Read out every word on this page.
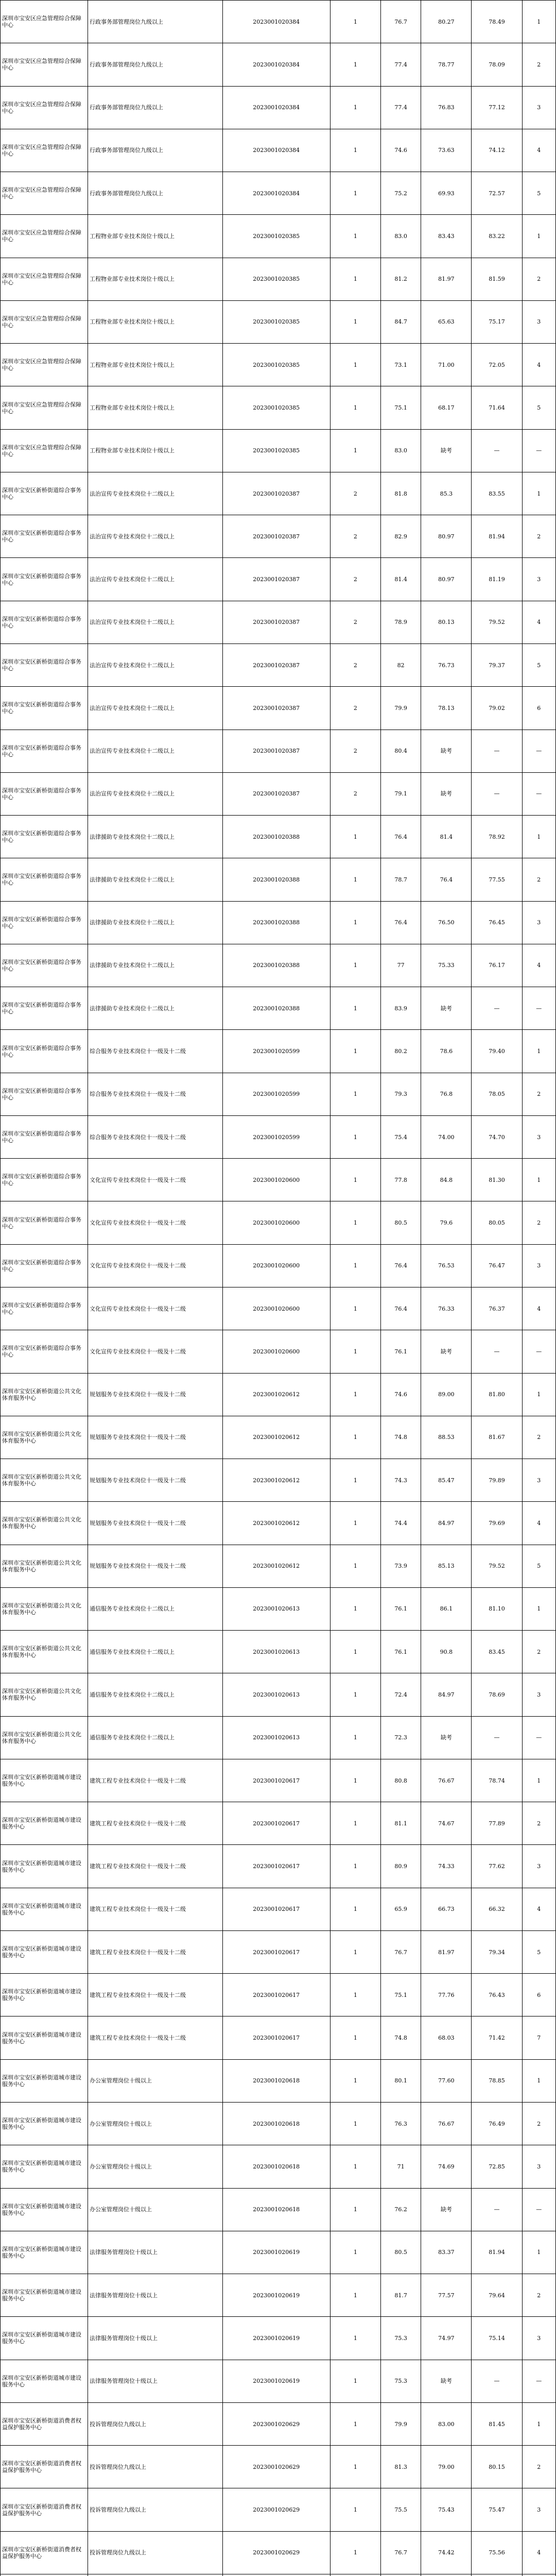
深圳市宝安区应急管理综合保障中心	行政事务部管理岗位九级以上	2023001020384	1	76.7	80.27	78.49	1
深圳市宝安区应急管理综合保障中心	行政事务部管理岗位九级以上	2023001020384	1	77.4	78.77	78.09	2
深圳市宝安区应急管理综合保障中心	行政事务部管理岗位九级以上	2023001020384	1	77.4	76.83	77.12	3
深圳市宝安区应急管理综合保障中心	行政事务部管理岗位九级以上	2023001020384	1	74.6	73.63	74.12	4
深圳市宝安区应急管理综合保障中心	行政事务部管理岗位九级以上	2023001020384	1	75.2	69.93	72.57	5
深圳市宝安区应急管理综合保障中心	工程物业部专业技术岗位十级以上	2023001020385	1	83.0	83.43	83.22	1
深圳市宝安区应急管理综合保障中心	工程物业部专业技术岗位十级以上	2023001020385	1	81.2	81.97	81.59	2
深圳市宝安区应急管理综合保障中心	工程物业部专业技术岗位十级以上	2023001020385	1	84.7	65.63	75.17	3
深圳市宝安区应急管理综合保障中心	工程物业部专业技术岗位十级以上	2023001020385	1	73.1	71.00	72.05	4
深圳市宝安区应急管理综合保障中心	工程物业部专业技术岗位十级以上	2023001020385	1	75.1	68.17	71.64	5
深圳市宝安区应急管理综合保障中心	工程物业部专业技术岗位十级以上	2023001020385	1	83.0	缺考	—	—
深圳市宝安区新桥街道综合事务中心	法治宣传专业技术岗位十二级以上	2023001020387	2	81.8	85.3	83.55	1
深圳市宝安区新桥街道综合事务中心	法治宣传专业技术岗位十二级以上	2023001020387	2	82.9	80.97	81.94	2
深圳市宝安区新桥街道综合事务中心	法治宣传专业技术岗位十二级以上	2023001020387	2	81.4	80.97	81.19	3
深圳市宝安区新桥街道综合事务中心	法治宣传专业技术岗位十二级以上	2023001020387	2	78.9	80.13	79.52	4
深圳市宝安区新桥街道综合事务中心	法治宣传专业技术岗位十二级以上	2023001020387	2	82	76.73	79.37	5
深圳市宝安区新桥街道综合事务中心	法治宣传专业技术岗位十二级以上	2023001020387	2	79.9	78.13	79.02	6
深圳市宝安区新桥街道综合事务中心	法治宣传专业技术岗位十二级以上	2023001020387	2	80.4	缺考	—	—
深圳市宝安区新桥街道综合事务中心	法治宣传专业技术岗位十二级以上	2023001020387	2	79.1	缺考	—	—
深圳市宝安区新桥街道综合事务中心	法律援助专业技术岗位十二级以上	2023001020388	1	76.4	81.4	78.92	1
深圳市宝安区新桥街道综合事务中心	法律援助专业技术岗位十二级以上	2023001020388	1	78.7	76.4	77.55	2
深圳市宝安区新桥街道综合事务中心	法律援助专业技术岗位十二级以上	2023001020388	1	76.4	76.50	76.45	3
深圳市宝安区新桥街道综合事务中心	法律援助专业技术岗位十二级以上	2023001020388	1	77	75.33	76.17	4
深圳市宝安区新桥街道综合事务中心	法律援助专业技术岗位十二级以上	2023001020388	1	83.9	缺考	—	—
深圳市宝安区新桥街道综合事务中心	综合服务专业技术岗位十一级及十二级	2023001020599	1	80.2	78.6	79.40	1
深圳市宝安区新桥街道综合事务中心	综合服务专业技术岗位十一级及十二级	2023001020599	1	79.3	76.8	78.05	2
深圳市宝安区新桥街道综合事务中心	综合服务专业技术岗位十一级及十二级	2023001020599	1	75.4	74.00	74.70	3
深圳市宝安区新桥街道综合事务中心	文化宣传专业技术岗位十一级及十二级	2023001020600	1	77.8	84.8	81.30	1
深圳市宝安区新桥街道综合事务中心	文化宣传专业技术岗位十一级及十二级	2023001020600	1	80.5	79.6	80.05	2
深圳市宝安区新桥街道综合事务中心	文化宣传专业技术岗位十一级及十二级	2023001020600	1	76.4	76.53	76.47	3
深圳市宝安区新桥街道综合事务中心	文化宣传专业技术岗位十一级及十二级	2023001020600	1	76.4	76.33	76.37	4
深圳市宝安区新桥街道综合事务中心	文化宣传专业技术岗位十一级及十二级	2023001020600	1	76.1	缺考	—	—
深圳市宝安区新桥街道公共文化体育服务中心	规划服务专业技术岗位十一级及十二级	2023001020612	1	74.6	89.00	81.80	1
深圳市宝安区新桥街道公共文化体育服务中心	规划服务专业技术岗位十一级及十二级	2023001020612	1	74.8	88.53	81.67	2
深圳市宝安区新桥街道公共文化体育服务中心	规划服务专业技术岗位十一级及十二级	2023001020612	1	74.3	85.47	79.89	3
深圳市宝安区新桥街道公共文化体育服务中心	规划服务专业技术岗位十一级及十二级	2023001020612	1	74.4	84.97	79.69	4
深圳市宝安区新桥街道公共文化体育服务中心	规划服务专业技术岗位十一级及十二级	2023001020612	1	73.9	85.13	79.52	5
深圳市宝安区新桥街道公共文化体育服务中心	通信服务专业技术岗位十二级以上	2023001020613	1	76.1	86.1	81.10	1
深圳市宝安区新桥街道公共文化体育服务中心	通信服务专业技术岗位十二级以上	2023001020613	1	76.1	90.8	83.45	2
深圳市宝安区新桥街道公共文化体育服务中心	通信服务专业技术岗位十二级以上	2023001020613	1	72.4	84.97	78.69	3
深圳市宝安区新桥街道公共文化体育服务中心	通信服务专业技术岗位十二级以上	2023001020613	1	72.3	缺考	—	—
深圳市宝安区新桥街道城市建设服务中心	建筑工程专业技术岗位十一级及十二级	2023001020617	1	80.8	76.67	78.74	1
深圳市宝安区新桥街道城市建设服务中心	建筑工程专业技术岗位十一级及十二级	2023001020617	1	81.1	74.67	77.89	2
深圳市宝安区新桥街道城市建设服务中心	建筑工程专业技术岗位十一级及十二级	2023001020617	1	80.9	74.33	77.62	3
深圳市宝安区新桥街道城市建设服务中心	建筑工程专业技术岗位十一级及十二级	2023001020617	1	65.9	66.73	66.32	4
深圳市宝安区新桥街道城市建设服务中心	建筑工程专业技术岗位十一级及十二级	2023001020617	1	76.7	81.97	79.34	5
深圳市宝安区新桥街道城市建设服务中心	建筑工程专业技术岗位十一级及十二级	2023001020617	1	75.1	77.76	76.43	6
深圳市宝安区新桥街道城市建设服务中心	建筑工程专业技术岗位十一级及十二级	2023001020617	1	74.8	68.03	71.42	7
深圳市宝安区新桥街道城市建设服务中心	办公室管理岗位十级以上	2023001020618	1	80.1	77.60	78.85	1
深圳市宝安区新桥街道城市建设服务中心	办公室管理岗位十级以上	2023001020618	1	76.3	76.67	76.49	2
深圳市宝安区新桥街道城市建设服务中心	办公室管理岗位十级以上	2023001020618	1	71	74.69	72.85	3
深圳市宝安区新桥街道城市建设服务中心	办公室管理岗位十级以上	2023001020618	1	76.2	缺考	—	—
深圳市宝安区新桥街道城市建设服务中心	法律服务管理岗位十级以上	2023001020619	1	80.5	83.37	81.94	1
深圳市宝安区新桥街道城市建设服务中心	法律服务管理岗位十级以上	2023001020619	1	81.7	77.57	79.64	2
深圳市宝安区新桥街道城市建设服务中心	法律服务管理岗位十级以上	2023001020619	1	75.3	74.97	75.14	3
深圳市宝安区新桥街道城市建设服务中心	法律服务管理岗位十级以上	2023001020619	1	75.3	缺考	—	—
深圳市宝安区新桥街道消费者权益保护服务中心	投诉管理岗位九级以上	2023001020629	1	79.9	83.00	81.45	1
深圳市宝安区新桥街道消费者权益保护服务中心	投诉管理岗位九级以上	2023001020629	1	81.3	79.00	80.15	2
深圳市宝安区新桥街道消费者权益保护服务中心	投诉管理岗位九级以上	2023001020629	1	75.5	75.43	75.47	3
深圳市宝安区新桥街道消费者权益保护服务中心	投诉管理岗位九级以上	2023001020629	1	76.7	74.42	75.56	4
